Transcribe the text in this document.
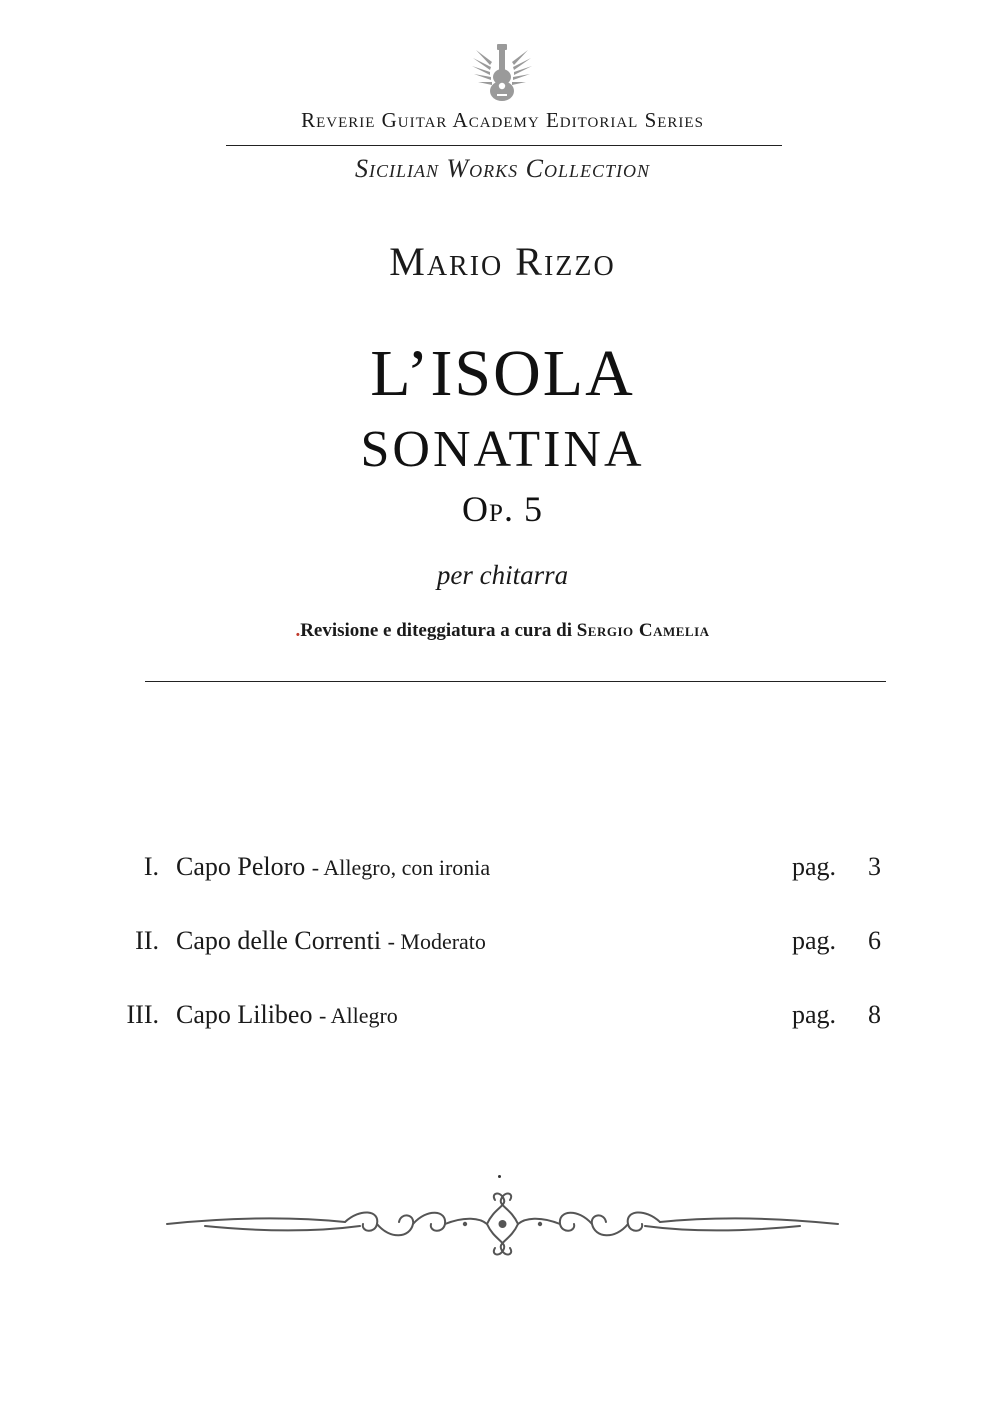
Reverie Guitar Academy Editorial Series
Sicilian Works Collection
Mario Rizzo
L’ISOLA
SONATINA
Op. 5
per chitarra
.Revisione e diteggiatura a cura di Sergio Camelia
I. Capo Peloro - Allegro, con ironia	pag. 3
II. Capo delle Correnti - Moderato	pag. 6
III. Capo Lilibeo - Allegro	pag. 8
